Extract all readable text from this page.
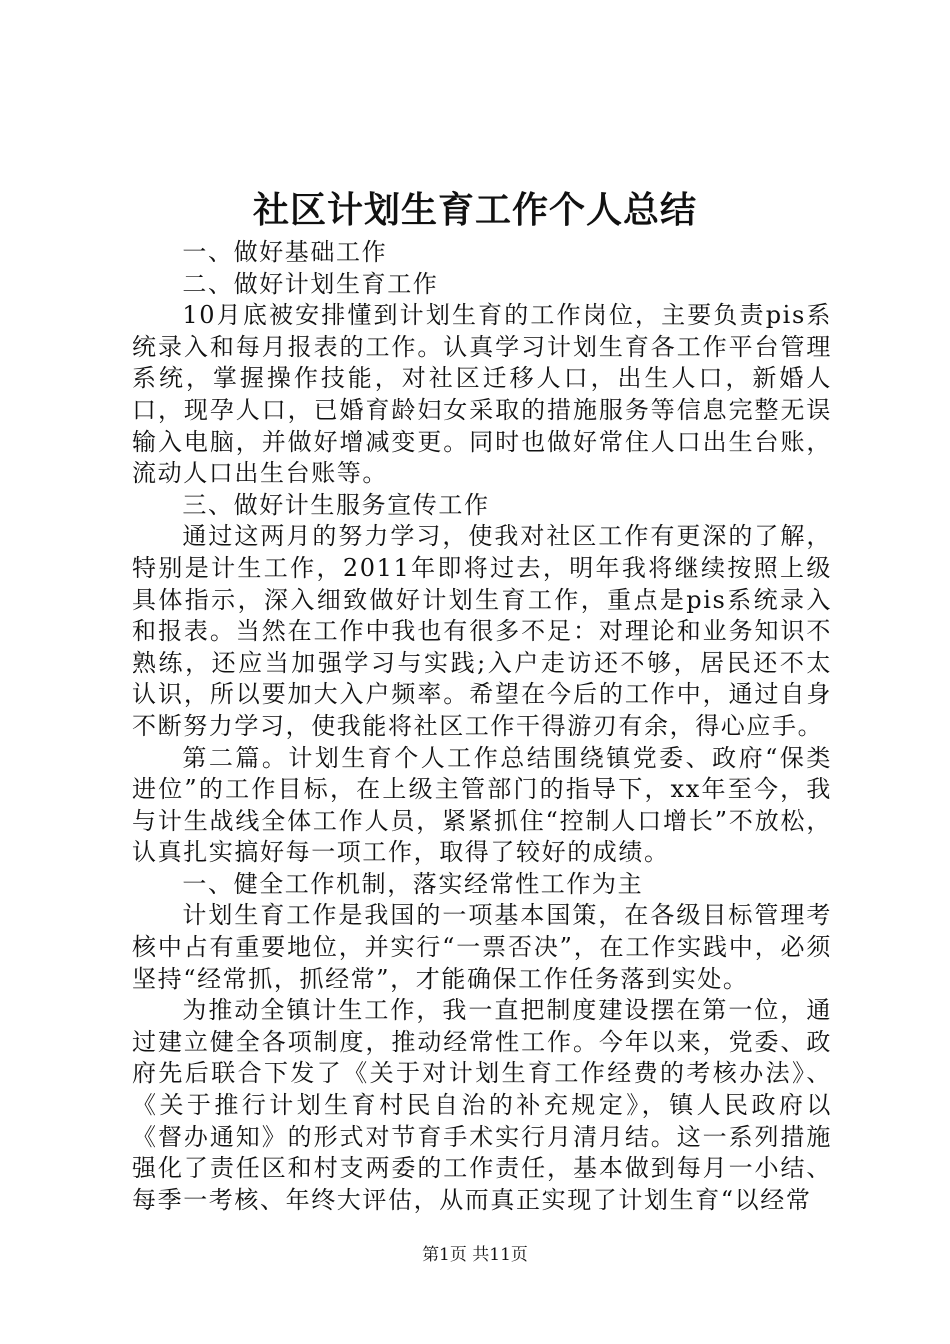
社区计划生育工作个人总结

一、做好基础工作

二、做好计划生育工作

10月底被安排懂到计划生育的工作岗位，主要负责pis系统录入和每月报表的工作。认真学习计划生育各工作平台管理系统，掌握操作技能，对社区迁移人口，出生人口，新婚人口，现孕人口，已婚育龄妇女采取的措施服务等信息完整无误输入电脑，并做好增减变更。同时也做好常住人口出生台账，流动人口出生台账等。

三、做好计生服务宣传工作

通过这两月的努力学习，使我对社区工作有更深的了解，特别是计生工作，2011年即将过去，明年我将继续按照上级具体指示，深入细致做好计划生育工作，重点是pis系统录入和报表。当然在工作中我也有很多不足：对理论和业务知识不熟练，还应当加强学习与实践;入户走访还不够，居民还不太认识，所以要加大入户频率。希望在今后的工作中，通过自身不断努力学习，使我能将社区工作干得游刃有余，得心应手。

第二篇。计划生育个人工作总结围绕镇党委、政府“保类进位”的工作目标，在上级主管部门的指导下，xx年至今，我与计生战线全体工作人员，紧紧抓住“控制人口增长”不放松，认真扎实搞好每一项工作，取得了较好的成绩。

一、健全工作机制，落实经常性工作为主

计划生育工作是我国的一项基本国策，在各级目标管理考核中占有重要地位，并实行“一票否决”，在工作实践中，必须坚持“经常抓，抓经常”，才能确保工作任务落到实处。

为推动全镇计生工作，我一直把制度建设摆在第一位，通过建立健全各项制度，推动经常性工作。今年以来，党委、政府先后联合下发了《关于对计划生育工作经费的考核办法》、《关于推行计划生育村民自治的补充规定》，镇人民政府以《督办通知》的形式对节育手术实行月清月结。这一系列措施强化了责任区和村支两委的工作责任，基本做到每月一小结、每季一考核、年终大评估，从而真正实现了计划生育“以经常

第1页 共11页
